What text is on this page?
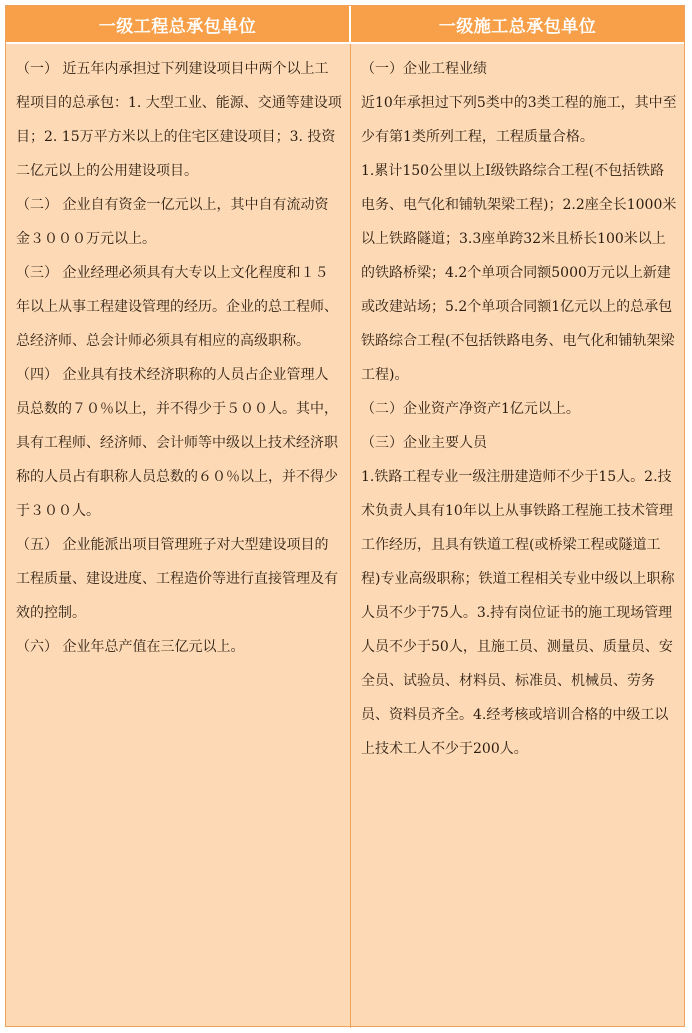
一级工程总承包单位	一级施工总承包单位

（一） 近五年内承担过下列建设项目中两个以上工程项目的总承包：1. 大型工业、能源、交通等建设项目；2. 15万平方米以上的住宅区建设项目；3. 投资二亿元以上的公用建设项目。

（二） 企业自有资金一亿元以上，其中自有流动资金３０００万元以上。

（三） 企业经理必须具有大专以上文化程度和１５年以上从事工程建设管理的经历。企业的总工程师、总经济师、总会计师必须具有相应的高级职称。

（四） 企业具有技术经济职称的人员占企业管理人员总数的７０％以上，并不得少于５００人。其中，具有工程师、经济师、会计师等中级以上技术经济职称的人员占有职称人员总数的６０％以上，并不得少于３００人。

（五） 企业能派出项目管理班子对大型建设项目的工程质量、建设进度、工程造价等进行直接管理及有效的控制。

（六） 企业年总产值在三亿元以上。

（一）企业工程业绩

近10年承担过下列5类中的3类工程的施工，其中至少有第1类所列工程，工程质量合格。

1.累计150公里以上I级铁路综合工程(不包括铁路电务、电气化和铺轨架梁工程)；2.2座全长1000米以上铁路隧道；3.3座单跨32米且桥长100米以上的铁路桥梁；4.2个单项合同额5000万元以上新建或改建站场；5.2个单项合同额1亿元以上的总承包铁路综合工程(不包括铁路电务、电气化和铺轨架梁工程)。

（二）企业资产净资产1亿元以上。

（三）企业主要人员

1.铁路工程专业一级注册建造师不少于15人。2.技术负责人具有10年以上从事铁路工程施工技术管理工作经历，且具有铁道工程(或桥梁工程或隧道工程)专业高级职称；铁道工程相关专业中级以上职称人员不少于75人。3.持有岗位证书的施工现场管理人员不少于50人，且施工员、测量员、质量员、安全员、试验员、材料员、标准员、机械员、劳务员、资料员齐全。4.经考核或培训合格的中级工以上技术工人不少于200人。
